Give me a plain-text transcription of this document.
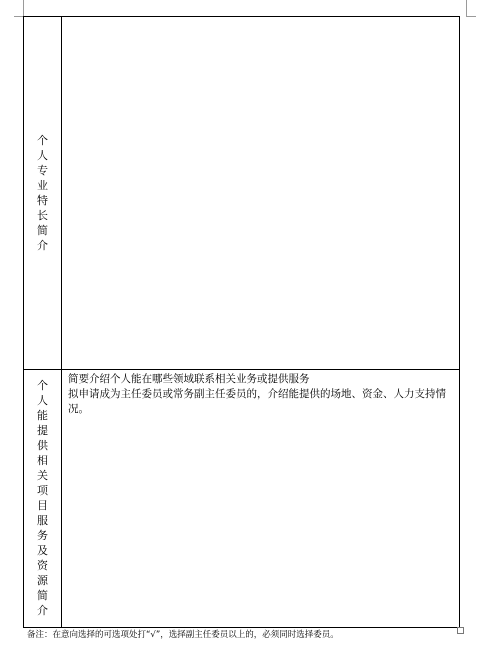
个人专业特长简介	
个人能提供相关项目服务及资源简介	简要介绍个人能在哪些领域联系相关业务或提供服务

拟申请成为主任委员或常务副主任委员的，介绍能提供的场地、资金、人力支持情况。

备注：在意向选择的可选项处打“√”，选择副主任委员以上的，必须同时选择委员。
